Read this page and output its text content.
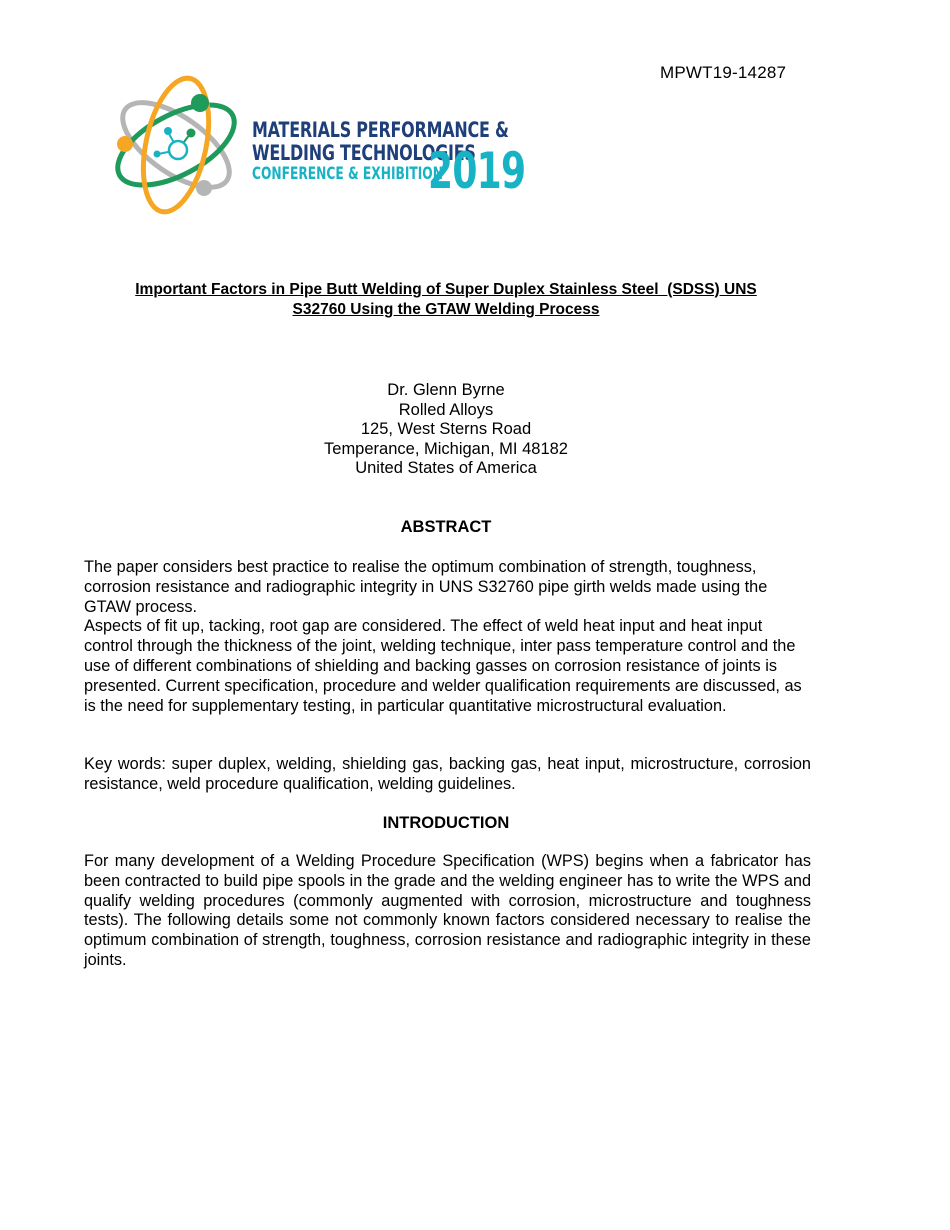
MPWT19-14287
MATERIALS PERFORMANCE &
WELDING TECHNOLOGIES
CONFERENCE & EXHIBITION
2019
Important Factors in Pipe Butt Welding of Super Duplex Stainless Steel  (SDSS) UNS
S32760 Using the GTAW Welding Process
Dr. Glenn Byrne
Rolled Alloys
125, West Sterns Road
Temperance, Michigan, MI 48182
United States of America
ABSTRACT

The paper considers best practice to realise the optimum combination of strength, toughness, corrosion resistance and radiographic integrity in UNS S32760 pipe girth welds made using the GTAW process.

Aspects of fit up, tacking, root gap are considered. The effect of weld heat input and heat input control through the thickness of the joint, welding technique, inter pass temperature control and the use of different combinations of shielding and backing gasses on corrosion resistance of joints is presented. Current specification, procedure and welder qualification requirements are discussed, as is the need for supplementary testing, in particular quantitative microstructural evaluation.

Key words: super duplex, welding, shielding gas, backing gas, heat input, microstructure, corrosion resistance, weld procedure qualification, welding guidelines.
INTRODUCTION
For many development of a Welding Procedure Specification (WPS) begins when a fabricator has been contracted to build pipe spools in the grade and the welding engineer has to write the WPS and qualify welding procedures (commonly augmented with corrosion, microstructure and toughness tests). The following details some not commonly known factors considered necessary to realise the optimum combination of strength, toughness, corrosion resistance and radiographic integrity in these joints.
